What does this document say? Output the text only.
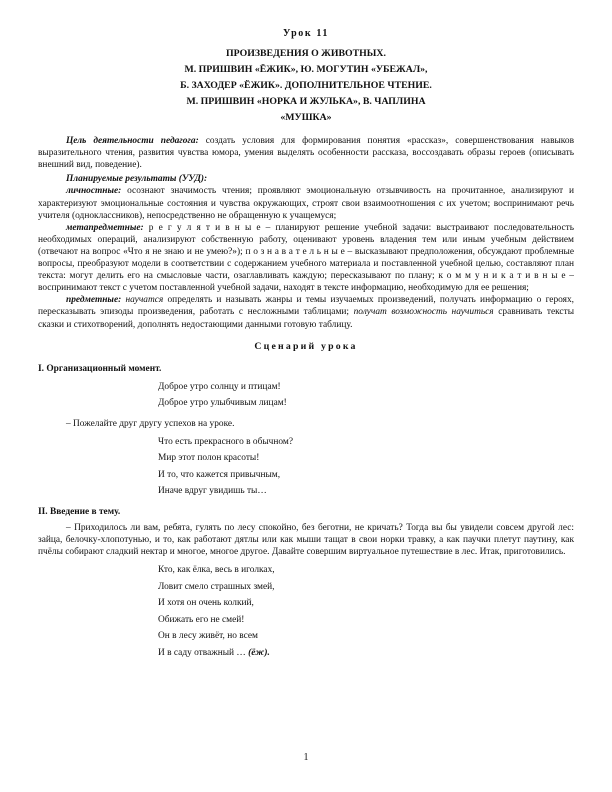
Урок 11
ПРОИЗВЕДЕНИЯ О ЖИВОТНЫХ.
М. ПРИШВИН «ЁЖИК», Ю. МОГУТИН «УБЕЖАЛ»,
Б. ЗАХОДЕР «ЁЖИК». ДОПОЛНИТЕЛЬНОЕ ЧТЕНИЕ.
М. ПРИШВИН «НОРКА И ЖУЛЬКА», В. ЧАПЛИНА
«МУШКА»

Цель деятельности педагога: создать условия для формирования понятия «рассказ», совершенствования навыков выразительного чтения, развития чувства юмора, умения выделять особенности рассказа, воссоздавать образы героев (описывать внешний вид, поведение).

Планируемые результаты (УУД):

личностные: осознают значимость чтения; проявляют эмоциональную отзывчивость на прочитанное, анализируют и характеризуют эмоциональные состояния и чувства окружающих, строят свои взаимоотношения с их учетом; воспринимают речь учителя (одноклассников), непосредственно не обращенную к учащемуся;

метапредметные: р е г у л я т и в н ы е – планируют решение учебной задачи: выстраивают последовательность необходимых операций, анализируют собственную работу, оценивают уровень владения тем или иным учебным действием (отвечают на вопрос «Что я не знаю и не умею?»); п о з н а в а т е л ь н ы е – высказывают предположения, обсуждают проблемные вопросы, преобразуют модели в соответствии с содержанием учебного материала и поставленной учебной целью, составляют план текста: могут делить его на смысловые части, озаглавливать каждую; пересказывают по плану; к о м м у н и к а т и в н ы е – воспринимают текст с учетом поставленной учебной задачи, находят в тексте информацию, необходимую для ее решения;

предметные: научатся определять и называть жанры и темы изучаемых произведений, получать информацию о героях, пересказывать эпизоды произведения, работать с несложными таблицами; получат возможность научиться сравнивать тексты сказки и стихотворений, дополнять недостающими данными готовую таблицу.

Сценарий урока

I. Организационный момент.

Доброе утро солнцу и птицам!
Доброе утро улыбчивым лицам!

– Пожелайте друг другу успехов на уроке.

Что есть прекрасного в обычном?
Мир этот полон красоты!
И то, что кажется привычным,
Иначе вдруг увидишь ты…

II. Введение в тему.

– Приходилось ли вам, ребята, гулять по лесу спокойно, без беготни, не кричать? Тогда вы бы увидели совсем другой лес: зайца, белочку-хлопотунью, и то, как работают дятлы или как мыши тащат в свои норки травку, а как паучки плетут паутину, как пчёлы собирают сладкий нектар и многое, многое другое. Давайте совершим виртуальное путешествие в лес. Итак, приготовились.

Кто, как ёлка, весь в иголках,
Ловит смело страшных змей,
И хотя он очень колкий,
Обижать его не смей!
Он в лесу живёт, но всем
И в саду отважный … (ёж).
1
